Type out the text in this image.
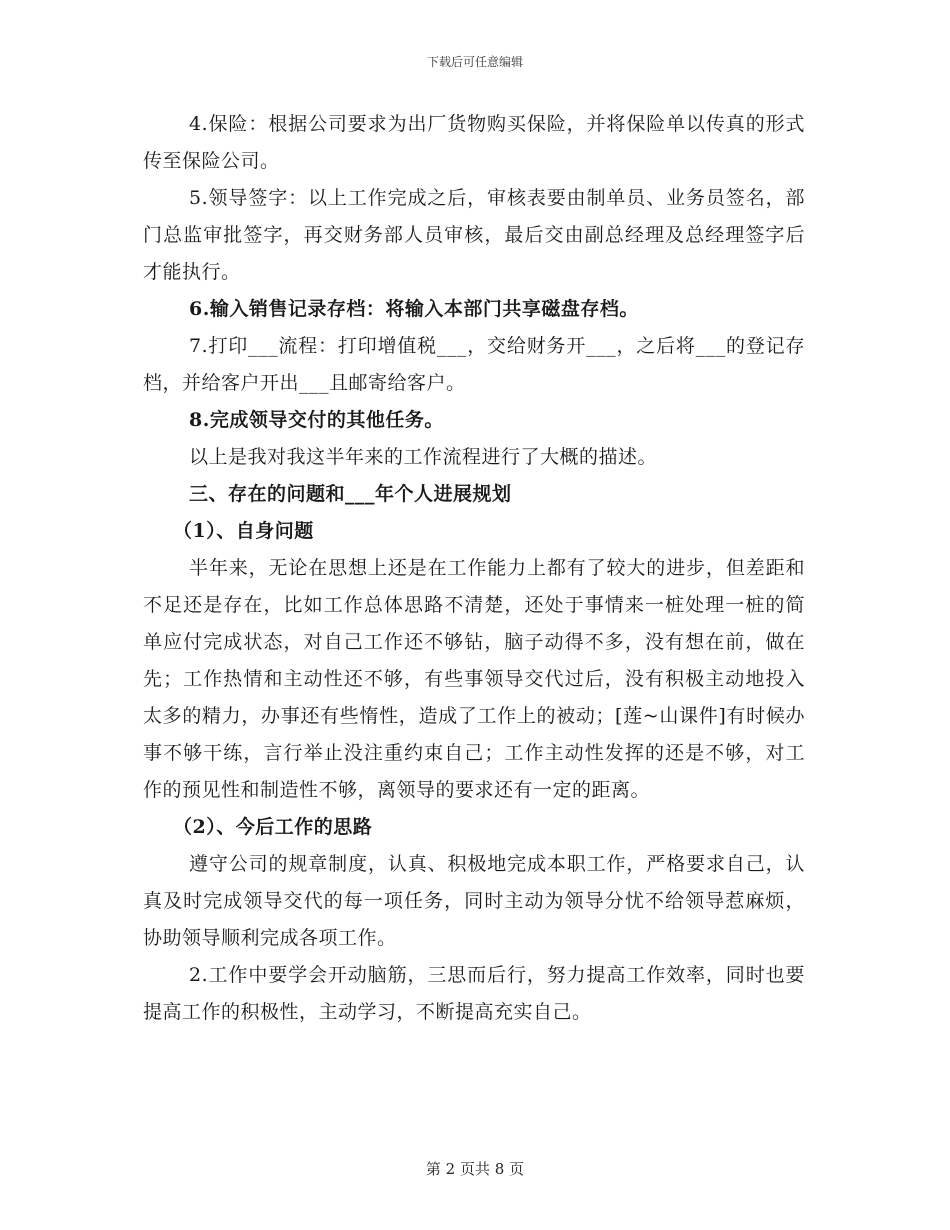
下载后可任意编辑

4.保险：根据公司要求为出厂货物购买保险，并将保险单以传真的形式传至保险公司。

5.领导签字：以上工作完成之后，审核表要由制单员、业务员签名，部门总监审批签字，再交财务部人员审核，最后交由副总经理及总经理签字后才能执行。

6.输入销售记录存档：将输入本部门共享磁盘存档。

7.打印___流程：打印增值税___，交给财务开___，之后将___的登记存档，并给客户开出___且邮寄给客户。

8.完成领导交付的其他任务。

以上是我对我这半年来的工作流程进行了大概的描述。

三、存在的问题和___年个人进展规划

（1）、自身问题

半年来，无论在思想上还是在工作能力上都有了较大的进步，但差距和不足还是存在，比如工作总体思路不清楚，还处于事情来一桩处理一桩的简单应付完成状态，对自己工作还不够钻，脑子动得不多，没有想在前，做在先；工作热情和主动性还不够，有些事领导交代过后，没有积极主动地投入太多的精力，办事还有些惰性，造成了工作上的被动；[莲~山课件]有时候办事不够干练，言行举止没注重约束自己；工作主动性发挥的还是不够，对工作的预见性和制造性不够，离领导的要求还有一定的距离。

（2）、今后工作的思路

遵守公司的规章制度，认真、积极地完成本职工作，严格要求自己，认真及时完成领导交代的每一项任务，同时主动为领导分忧不给领导惹麻烦，协助领导顺利完成各项工作。

2.工作中要学会开动脑筋，三思而后行，努力提高工作效率，同时也要提高工作的积极性，主动学习，不断提高充实自己。

第 2 页共 8 页
